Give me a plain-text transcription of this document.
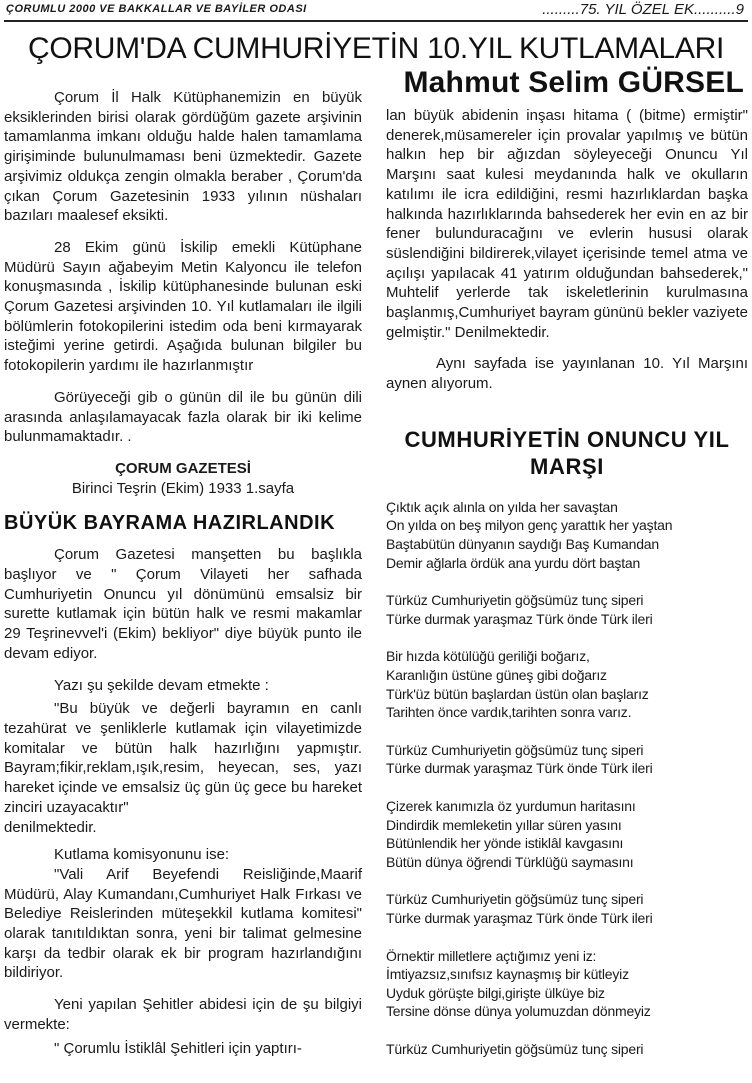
ÇORUMLU 2000 VE BAKKALLAR VE BAYİLER ODASI	.........75. YIL ÖZEL EK..........9
ÇORUM'DA CUMHURİYETİN 10.YIL KUTLAMALARI
Mahmut Selim GÜRSEL

Çorum İl Halk Kütüphanemizin en büyük eksiklerinden birisi olarak gördüğüm gazete arşivinin tamamlanma imkanı olduğu halde halen tamamlama girişiminde bulunulmaması beni üzmektedir. Gazete arşivimiz oldukça zengin olmakla beraber , Çorum'da çıkan Çorum Gazetesinin 1933 yılının nüshaları bazıları maalesef eksikti.

28 Ekim günü İskilip emekli Kütüphane Müdürü Sayın ağabeyim Metin Kalyoncu ile telefon konuşmasında , İskilip kütüphanesinde bulunan eski Çorum Gazetesi arşivinden 10. Yıl kutlamaları ile ilgili bölümlerin fotokopilerini istedim oda beni kırmayarak isteğimi yerine getirdi. Aşağıda bulunan bilgiler bu fotokopilerin yardımı ile hazırlanmıştır

Görüyeceği gib o günün dil ile bu günün dili arasında anlaşılamayacak fazla olarak bir iki kelime bulunmamaktadır. .

ÇORUM GAZETESİ

Birinci Teşrin (Ekim) 1933 1.sayfa

BÜYÜK BAYRAMA HAZIRLANDIK

Çorum Gazetesi manşetten bu başlıkla başlıyor ve " Çorum Vilayeti her safhada Cumhuriyetin Onuncu yıl dönümünü emsalsiz bir surette kutlamak için bütün halk ve resmi makamlar 29 Teşrinevvel'i (Ekim) bekliyor" diye büyük punto ile devam ediyor.

Yazı şu şekilde devam etmekte :

"Bu büyük ve değerli bayramın en canlı tezahürat ve şenliklerle kutlamak için vilayetimizde komitalar ve bütün halk hazırlığını yapmıştır. Bayram;fikir,reklam,ışık,resim, heyecan, ses, yazı hareket içinde ve emsalsiz üç gün üç gece bu hareket zinciri uzayacaktır"

denilmektedir.

Kutlama komisyonunu ise:

"Vali Arif Beyefendi Reisliğinde,Maarif Müdürü, Alay Kumandanı,Cumhuriyet Halk Fırkası ve Belediye Reislerinden müteşekkil kutlama komitesi" olarak tanıtıldıktan sonra, yeni bir talimat gelmesine karşı da tedbir olarak ek bir program hazırlandığını bildiriyor.

Yeni yapılan Şehitler abidesi için de şu bilgiyi vermekte:

" Çorumlu İstiklâl Şehitleri için yaptırı-

lan büyük abidenin inşası hitama ( (bitme) ermiştir" denerek,müsamereler için provalar yapılmış ve bütün halkın hep bir ağızdan söyleyeceği Onuncu Yıl Marşını saat kulesi meydanında halk ve okulların katılımı ile icra edildiğini, resmi hazırlıklardan başka halkında hazırlıklarında bahsederek her evin en az bir fener bulunduracağını ve evlerin hususi olarak süslendiğini bildirerek,vilayet içerisinde temel atma ve açılışı yapılacak 41 yatırım olduğundan bahsederek," Muhtelif yerlerde tak iskeletlerinin kurulmasına başlanmış,Cumhuriyet bayram gününü bekler vaziyete gelmiştir." Denilmektedir.

Aynı sayfada ise yayınlanan 10. Yıl Marşını aynen alıyorum.

CUMHURİYETİN ONUNCU YIL
MARŞI

Çıktık açık alınla on yılda her savaştan

On yılda on beş milyon genç yarattık her yaştan

Baştabütün dünyanın saydığı Baş Kumandan

Demir ağlarla ördük ana yurdu dört baştan

Türküz Cumhuriyetin göğsümüz tunç siperi

Türke durmak yaraşmaz Türk önde Türk ileri

Bir hızda kötülüğü geriliği boğarız,

Karanlığın üstüne güneş gibi doğarız

Türk'üz bütün başlardan üstün olan başlarız

Tarihten önce vardık,tarihten sonra varız.

Türküz Cumhuriyetin göğsümüz tunç siperi

Türke durmak yaraşmaz Türk önde Türk ileri

Çizerek kanımızla öz yurdumun haritasını

Dindirdik memleketin yıllar süren yasını

Bütünlendik her yönde istiklâl kavgasını

Bütün dünya öğrendi Türklüğü saymasını

Türküz Cumhuriyetin göğsümüz tunç siperi

Türke durmak yaraşmaz Türk önde Türk ileri

Örnektir milletlere açtığımız yeni iz:

İmtiyazsız,sınıfsız kaynaşmış bir kütleyiz

Uyduk görüşte bilgi,girişte ülküye biz

Tersine dönse dünya yolumuzdan dönmeyiz

Türküz Cumhuriyetin göğsümüz tunç siperi
